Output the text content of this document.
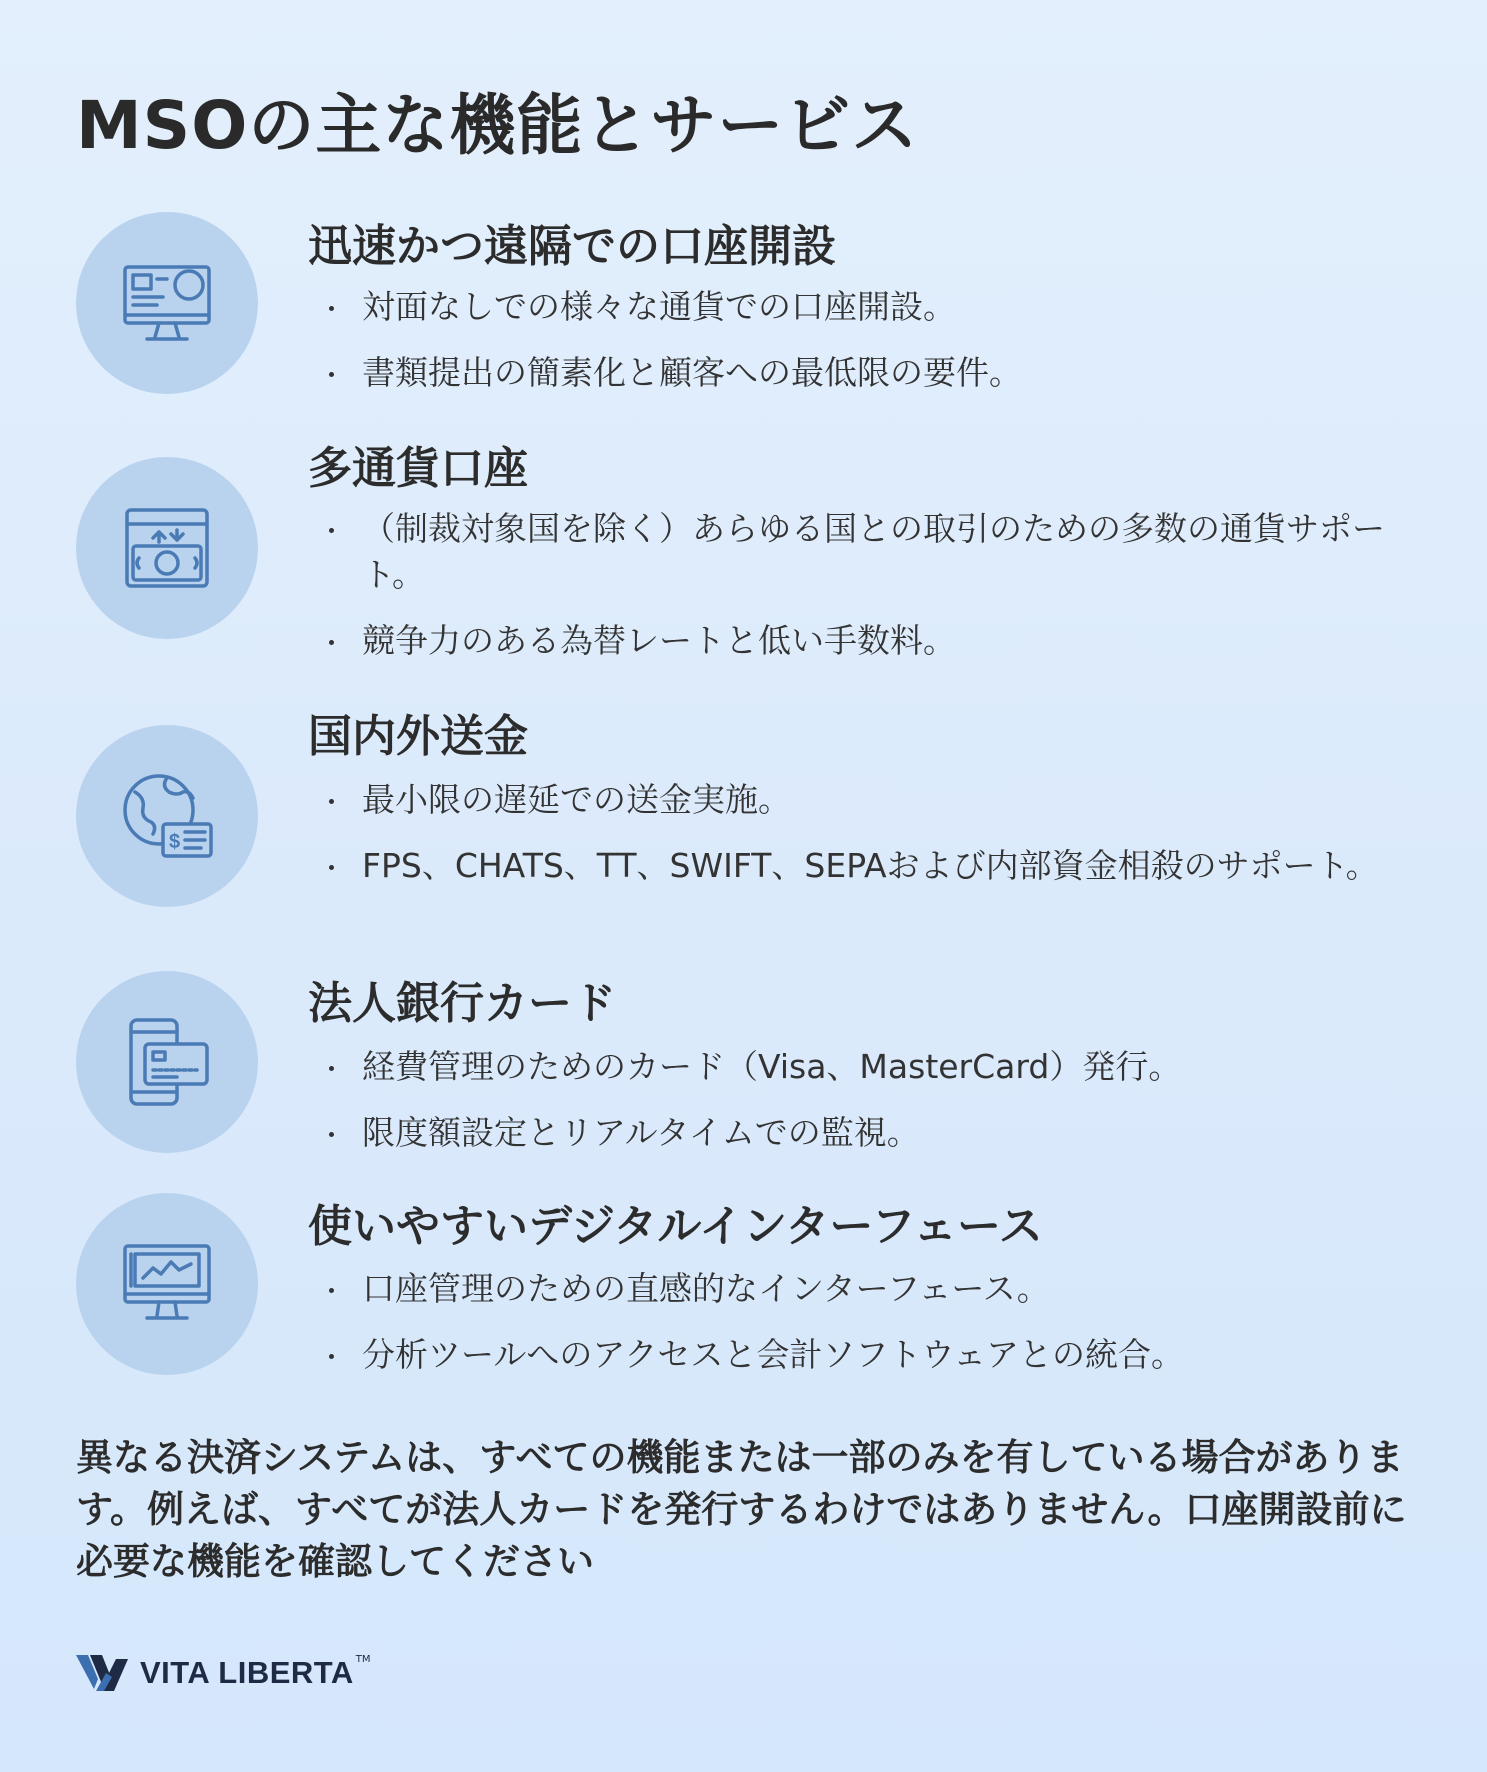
MSOの主な機能とサービス
迅速かつ遠隔での口座開設
対面なしでの様々な通貨での口座開設。
書類提出の簡素化と顧客への最低限の要件。
多通貨口座
（制裁対象国を除く）あらゆる国との取引のための多数の通貨サポート。
競争力のある為替レートと低い手数料。
$
国内外送金
最小限の遅延での送金実施。
FPS、CHATS、TT、SWIFT、SEPAおよび内部資金相殺のサポート。
法人銀行カード
経費管理のためのカード（Visa、MasterCard）発行。
限度額設定とリアルタイムでの監視。
使いやすいデジタルインターフェース
口座管理のための直感的なインターフェース。
分析ツールへのアクセスと会計ソフトウェアとの統合。
異なる決済システムは、すべての機能または一部のみを有している場合があります。例えば、すべてが法人カードを発行するわけではありません。口座開設前に必要な機能を確認してください
VITA LIBERTA TM
